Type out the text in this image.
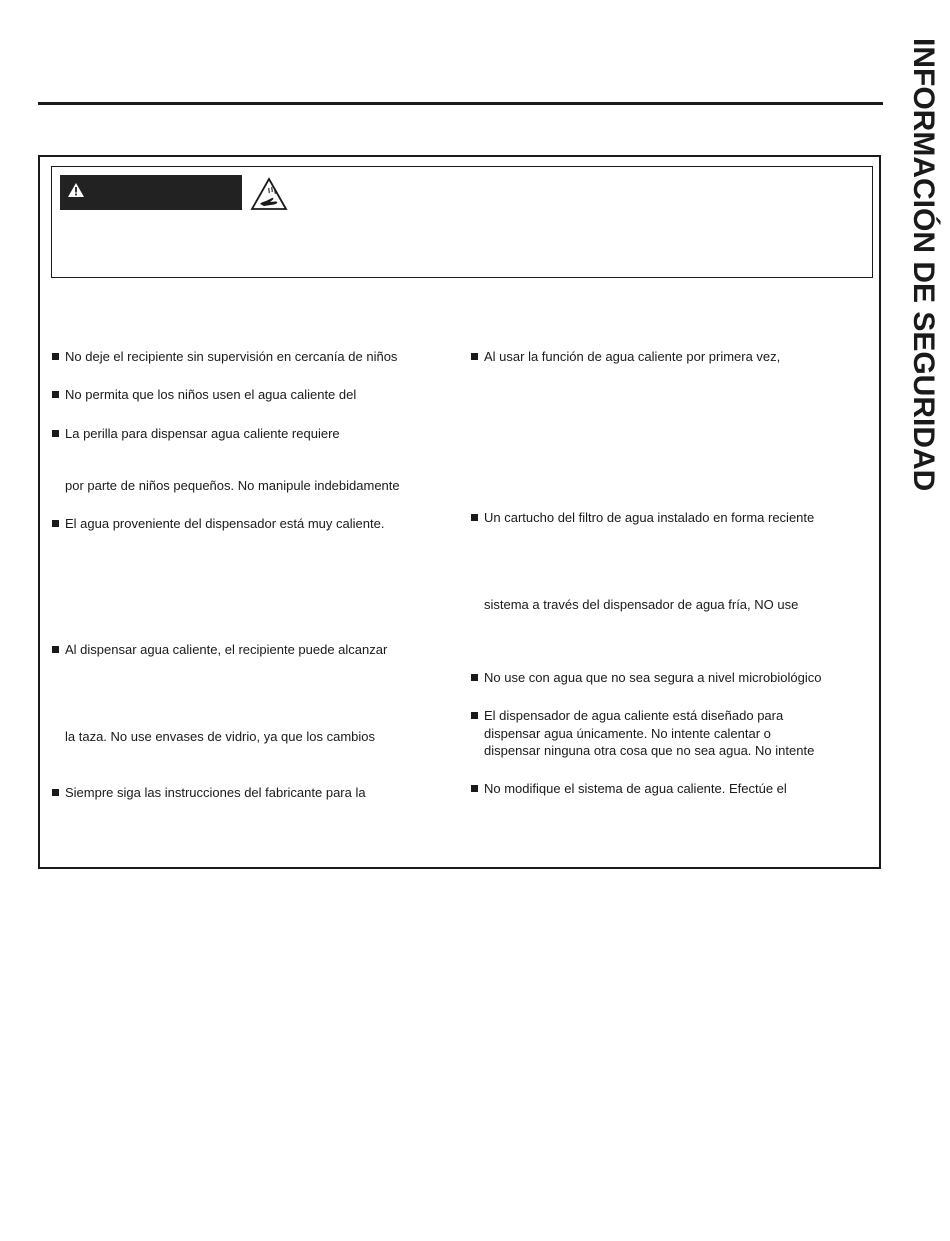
INFORMACIÓN DE SEGURIDAD
No deje el recipiente sin supervisión en cercanía de niños
No permita que los niños usen el agua caliente del
La perilla para dispensar agua caliente requiere
por parte de niños pequeños. No manipule indebidamente
El agua proveniente del dispensador está muy caliente.
Al dispensar agua caliente, el recipiente puede alcanzar
la taza. No use envases de vidrio, ya que los cambios
Siempre siga las instrucciones del fabricante para la
Al usar la función de agua caliente por primera vez,
Un cartucho del filtro de agua instalado en forma reciente
sistema a través del dispensador de agua fría, NO use
No use con agua que no sea segura a nivel microbiológico
El dispensador de agua caliente está diseñado para
dispensar agua únicamente. No intente calentar o
dispensar ninguna otra cosa que no sea agua. No intente
No modifique el sistema de agua caliente. Efectúe el
